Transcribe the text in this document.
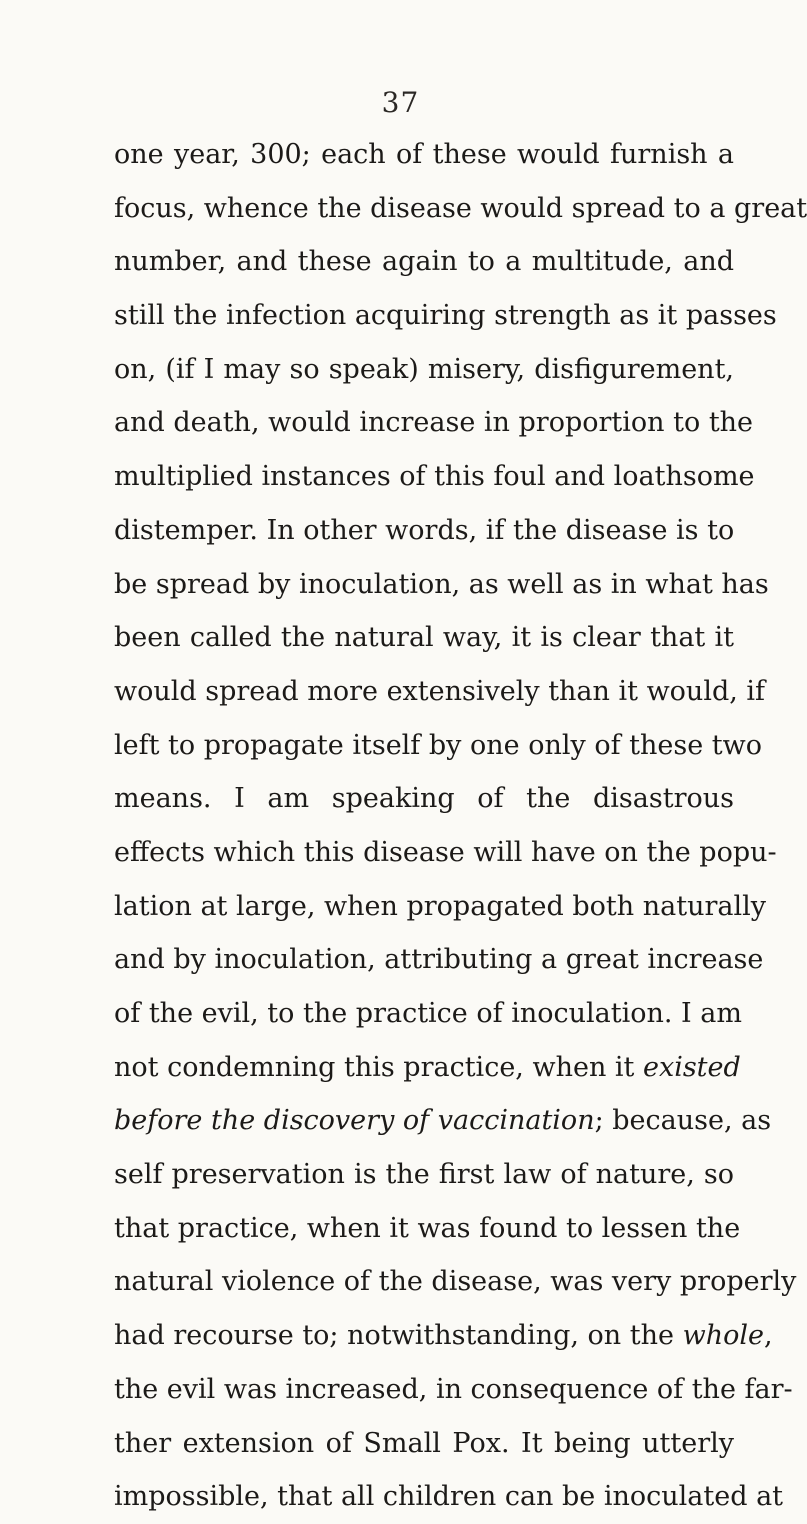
37
one year, 300; each of these would furnish a
focus, whence the disease would spread to a great
number, and these again to a multitude, and
still the infection acquiring strength as it passes
on, (if I may so speak) misery, disfigurement,
and death, would increase in proportion to the
multiplied instances of this foul and loathsome
distemper. In other words, if the disease is to
be spread by inoculation, as well as in what has
been called the natural way, it is clear that it
would spread more extensively than it would, if
left to propagate itself by one only of these two
means. I am speaking of the disastrous
effects which this disease will have on the popu-
lation at large, when propagated both naturally
and by inoculation, attributing a great increase
of the evil, to the practice of inoculation. I am
not condemning this practice, when it existed
before the discovery of vaccination; because, as
self preservation is the first law of nature, so
that practice, when it was found to lessen the
natural violence of the disease, was very properly
had recourse to; notwithstanding, on the whole,
the evil was increased, in consequence of the far-
ther extension of Small Pox. It being utterly
impossible, that all children can be inoculated at
